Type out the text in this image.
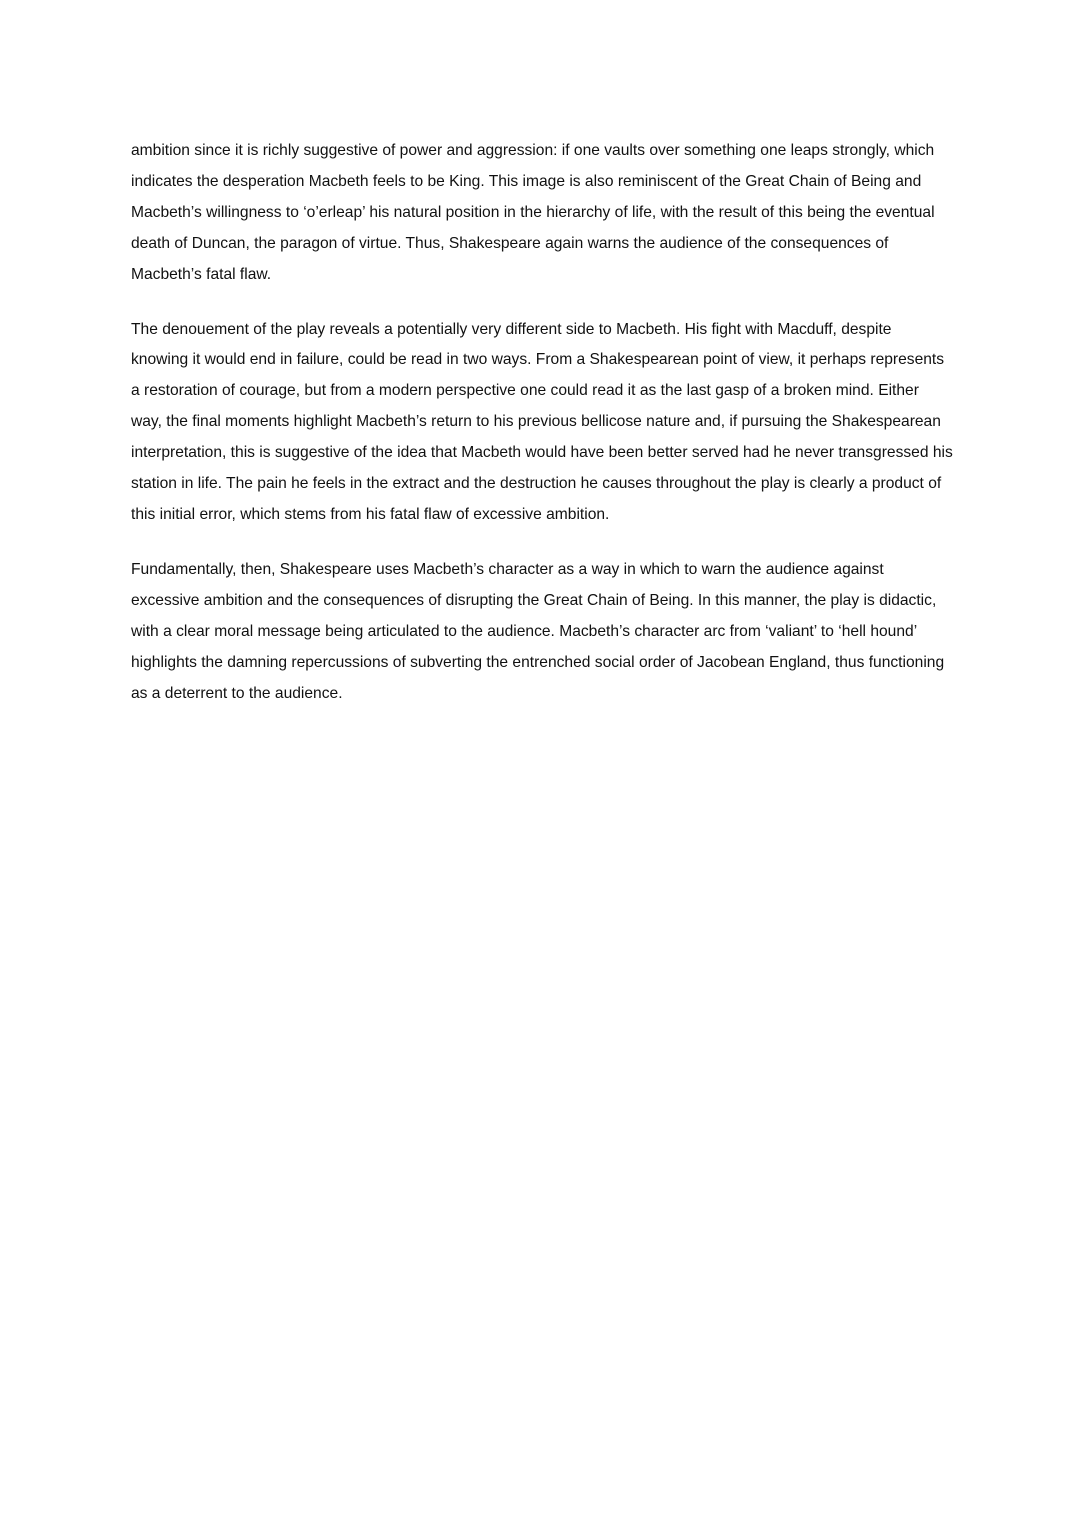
ambition since it is richly suggestive of power and aggression: if one vaults over something one leaps strongly, which indicates the desperation Macbeth feels to be King. This image is also reminiscent of the Great Chain of Being and Macbeth’s willingness to ‘o’erleap’ his natural position in the hierarchy of life, with the result of this being the eventual death of Duncan, the paragon of virtue. Thus, Shakespeare again warns the audience of the consequences of Macbeth’s fatal flaw.

The denouement of the play reveals a potentially very different side to Macbeth. His fight with Macduff, despite knowing it would end in failure, could be read in two ways. From a Shakespearean point of view, it perhaps represents a restoration of courage, but from a modern perspective one could read it as the last gasp of a broken mind. Either way, the final moments highlight Macbeth’s return to his previous bellicose nature and, if pursuing the Shakespearean interpretation, this is suggestive of the idea that Macbeth would have been better served had he never transgressed his station in life. The pain he feels in the extract and the destruction he causes throughout the play is clearly a product of this initial error, which stems from his fatal flaw of excessive ambition.

Fundamentally, then, Shakespeare uses Macbeth’s character as a way in which to warn the audience against excessive ambition and the consequences of disrupting the Great Chain of Being. In this manner, the play is didactic, with a clear moral message being articulated to the audience. Macbeth’s character arc from ‘valiant’ to ‘hell hound’ highlights the damning repercussions of subverting the entrenched social order of Jacobean England, thus functioning as a deterrent to the audience.
